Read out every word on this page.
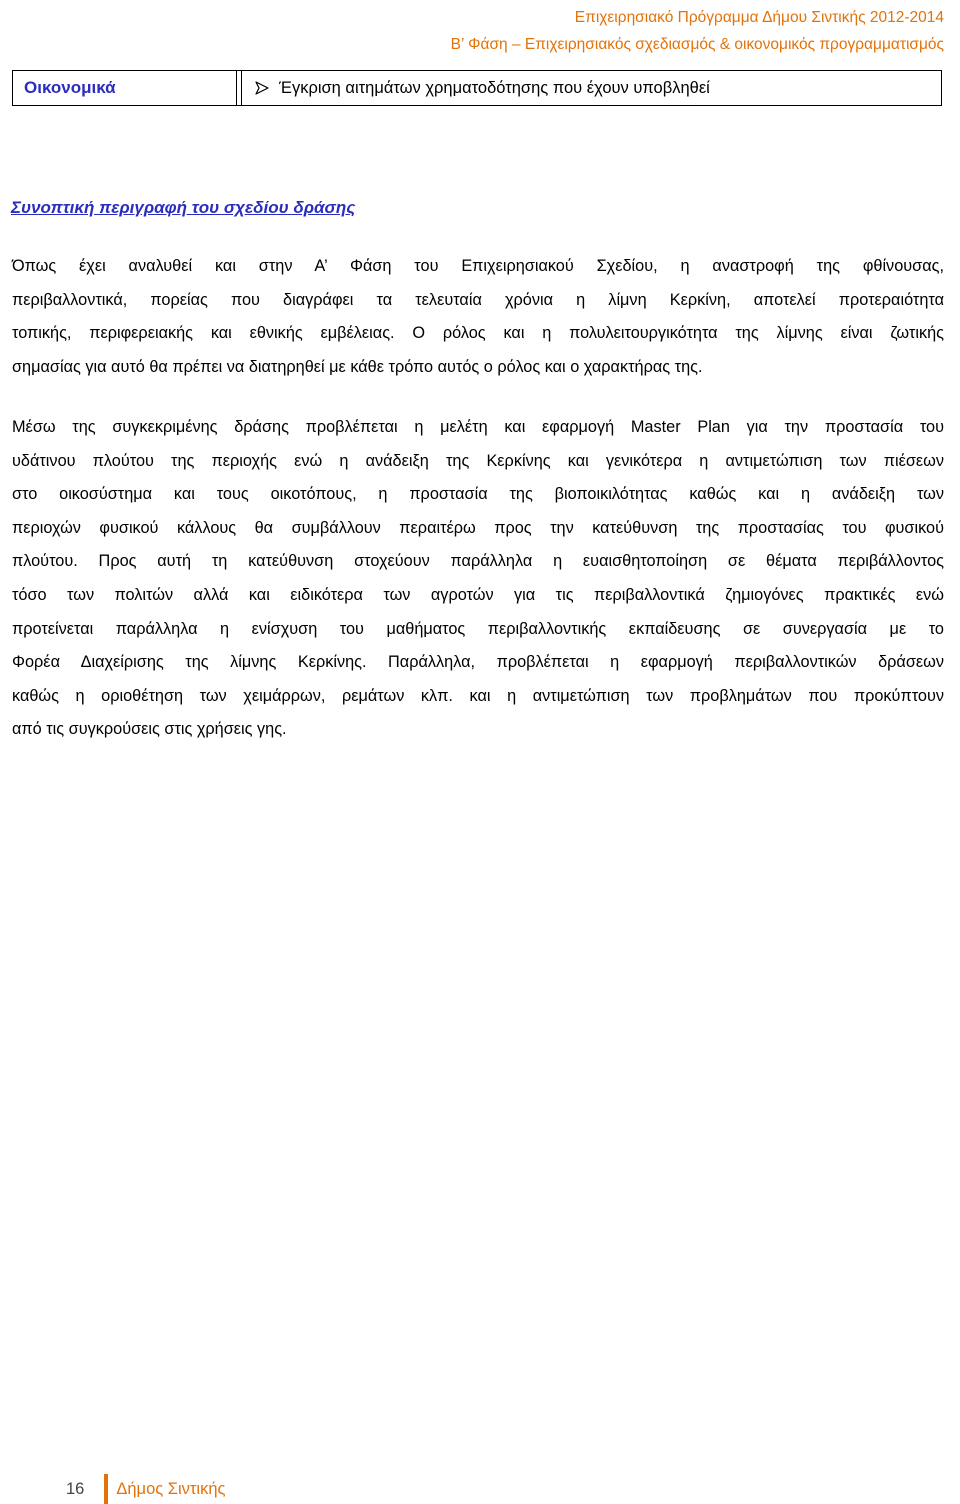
Επιχειρησιακό Πρόγραμμα Δήμου Σιντικής 2012-2014
Β’ Φάση – Επιχειρησιακός σχεδιασμός & οικονομικός προγραμματισμός
Οικονομικά	Έγκριση αιτημάτων χρηματοδότησης που έχουν υποβληθεί
Συνοπτική περιγραφή του σχεδίου δράσης
Όπως έχει αναλυθεί και στην Α’ Φάση του Επιχειρησιακού Σχεδίου, η αναστροφή της φθίνουσας,
περιβαλλοντικά, πορείας που διαγράφει τα τελευταία χρόνια η λίμνη Κερκίνη, αποτελεί προτεραιότητα
τοπικής, περιφερειακής και εθνικής εμβέλειας. Ο ρόλος και η πολυλειτουργικότητα της λίμνης είναι ζωτικής
σημασίας για αυτό θα πρέπει να διατηρηθεί με κάθε τρόπο αυτός ο ρόλος και ο χαρακτήρας της.
Μέσω της συγκεκριμένης δράσης προβλέπεται η μελέτη και εφαρμογή Master Plan για την προστασία του
υδάτινου πλούτου της περιοχής ενώ η ανάδειξη της Κερκίνης και γενικότερα η αντιμετώπιση των πιέσεων
στο οικοσύστημα και τους οικοτόπους, η προστασία της βιοποικιλότητας καθώς και η ανάδειξη των
περιοχών φυσικού κάλλους θα συμβάλλουν περαιτέρω προς την κατεύθυνση της προστασίας του φυσικού
πλούτου. Προς αυτή τη κατεύθυνση στοχεύουν παράλληλα η ευαισθητοποίηση σε θέματα περιβάλλοντος
τόσο των πολιτών αλλά και ειδικότερα των αγροτών για τις περιβαλλοντικά ζημιογόνες πρακτικές ενώ
προτείνεται παράλληλα η ενίσχυση του μαθήματος περιβαλλοντικής εκπαίδευσης σε συνεργασία με το
Φορέα Διαχείρισης της λίμνης Κερκίνης. Παράλληλα, προβλέπεται η εφαρμογή περιβαλλοντικών δράσεων
καθώς η οριοθέτηση των χειμάρρων, ρεμάτων κλπ. και η αντιμετώπιση των προβλημάτων που προκύπτουν
από τις συγκρούσεις στις χρήσεις γης.
16 Δήμος Σιντικής
